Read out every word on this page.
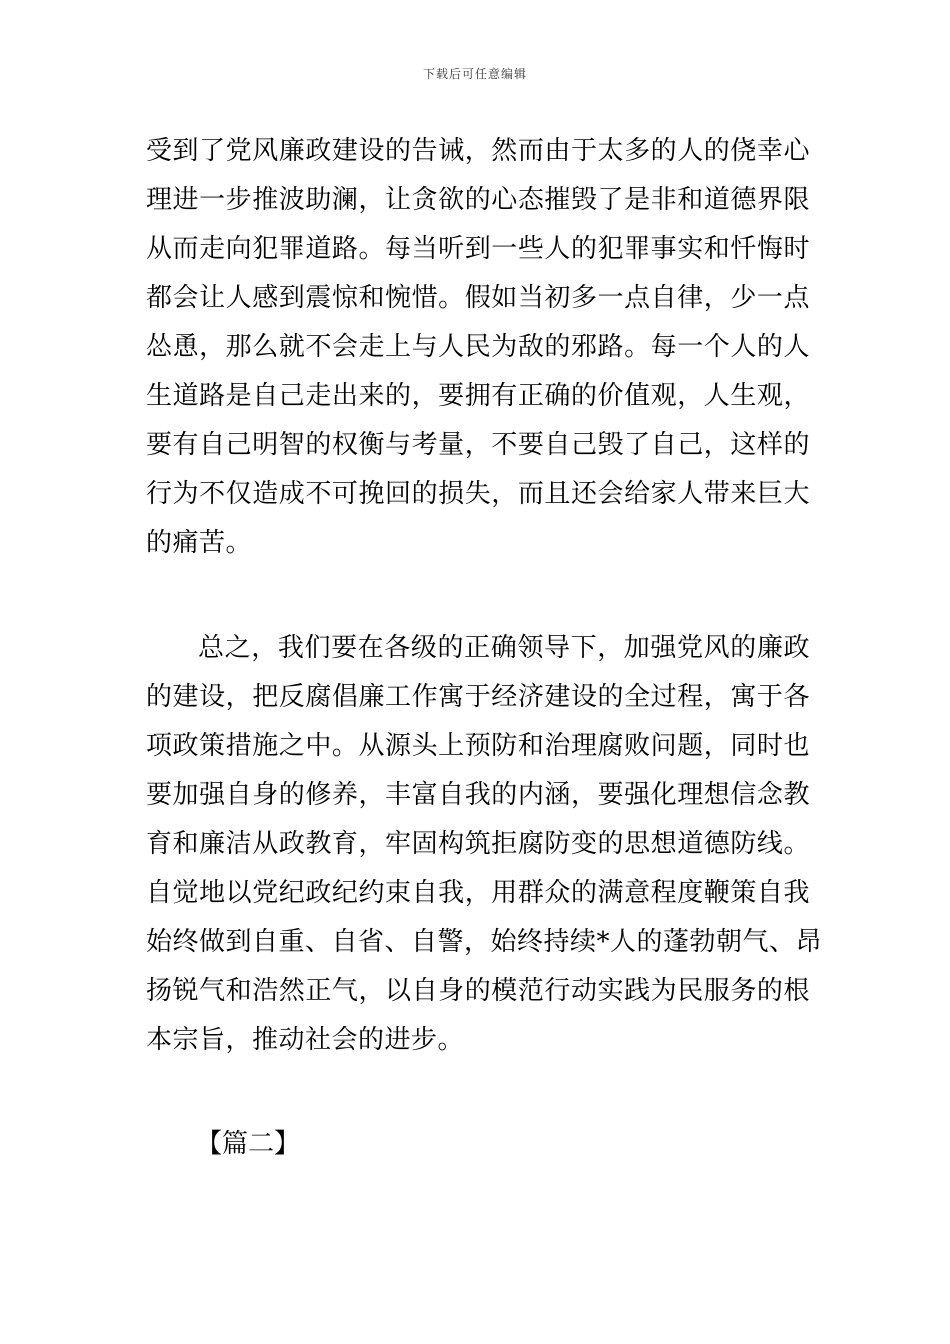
下载后可任意编辑
受到了党风廉政建设的告诫，然而由于太多的人的侥幸心
理进一步推波助澜，让贪欲的心态摧毁了是非和道德界限
从而走向犯罪道路。每当听到一些人的犯罪事实和忏悔时
都会让人感到震惊和惋惜。假如当初多一点自律，少一点
怂恿，那么就不会走上与人民为敌的邪路。每一个人的人
生道路是自己走出来的，要拥有正确的价值观，人生观，
要有自己明智的权衡与考量，不要自己毁了自己，这样的
行为不仅造成不可挽回的损失，而且还会给家人带来巨大
的痛苦。
总之，我们要在各级的正确领导下，加强党风的廉政
的建设，把反腐倡廉工作寓于经济建设的全过程，寓于各
项政策措施之中。从源头上预防和治理腐败问题，同时也
要加强自身的修养，丰富自我的内涵，要强化理想信念教
育和廉洁从政教育，牢固构筑拒腐防变的思想道德防线。
自觉地以党纪政纪约束自我，用群众的满意程度鞭策自我
始终做到自重、自省、自警，始终持续*人的蓬勃朝气、昂
扬锐气和浩然正气，以自身的模范行动实践为民服务的根
本宗旨，推动社会的进步。
【篇二】
